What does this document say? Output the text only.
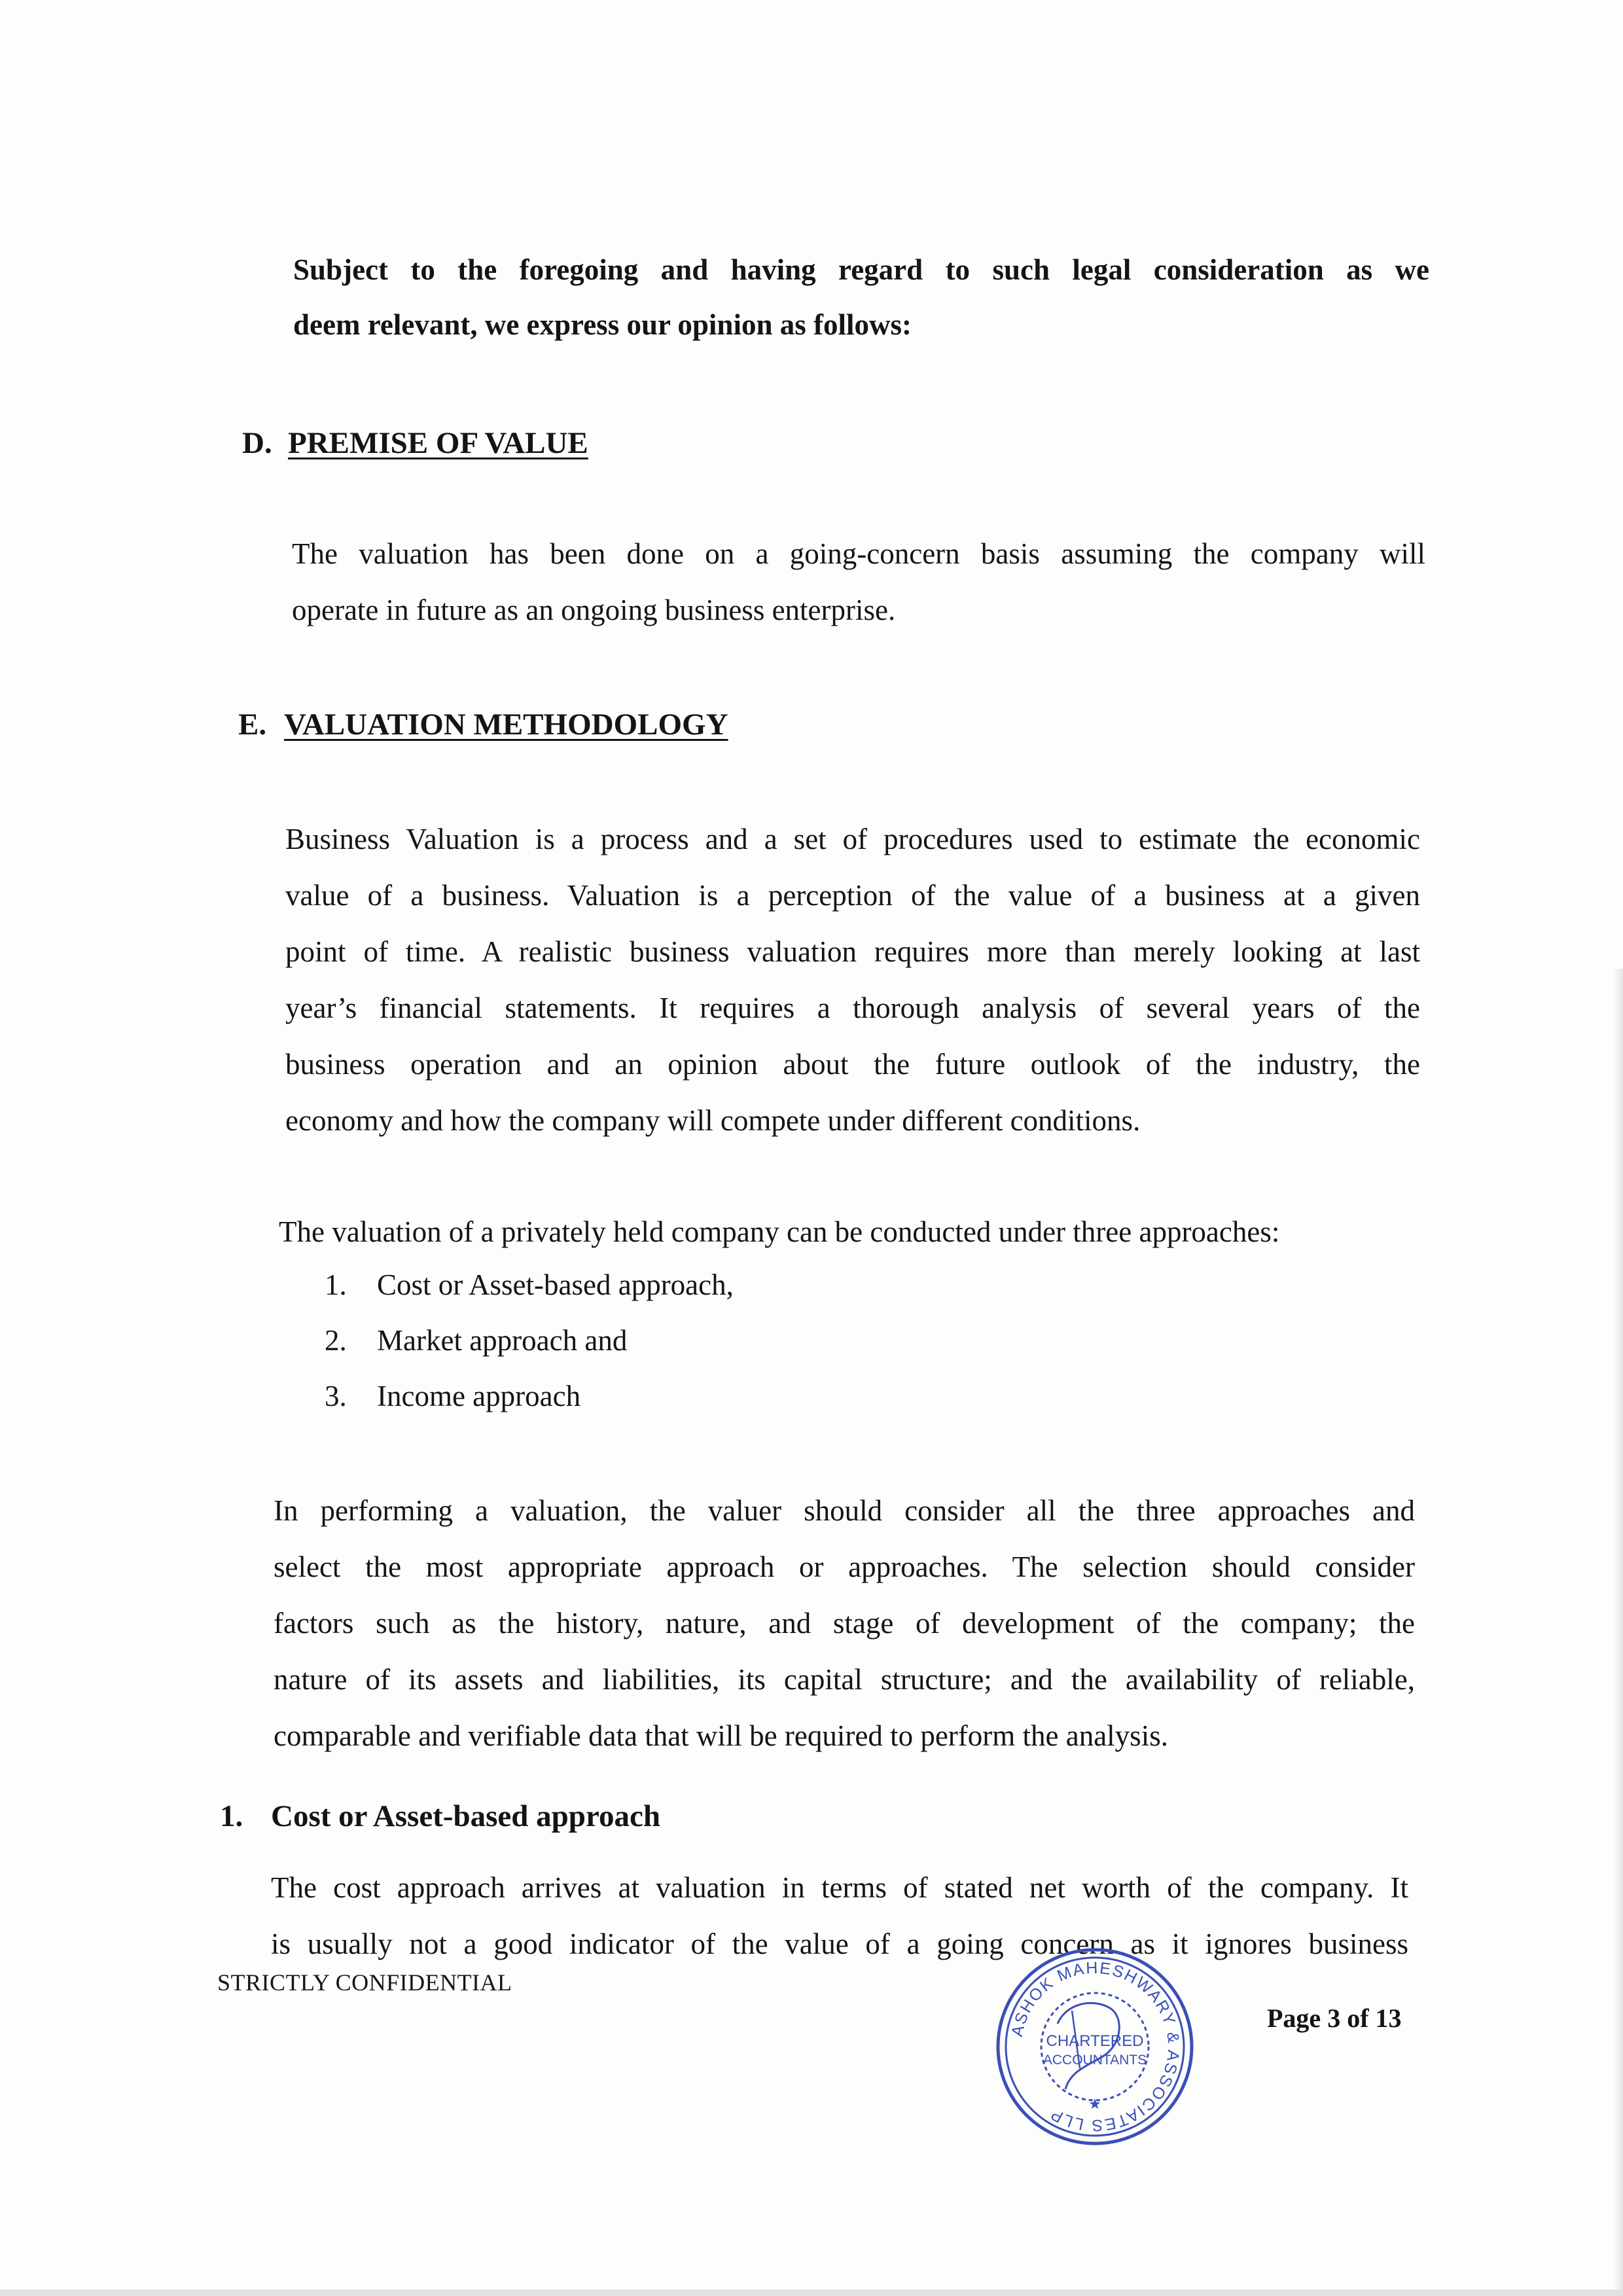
Subject to the foregoing and having regard to such legal consideration as we
deem relevant, we express our opinion as follows:
D. PREMISE OF VALUE
The valuation has been done on a going-concern basis assuming the company will
operate in future as an ongoing business enterprise.
E. VALUATION METHODOLOGY
Business Valuation is a process and a set of procedures used to estimate the economic
value of a business. Valuation is a perception of the value of a business at a given
point of time. A realistic business valuation requires more than merely looking at last
year’s financial statements. It requires a thorough analysis of several years of the
business operation and an opinion about the future outlook of the industry, the
economy and how the company will compete under different conditions.
The valuation of a privately held company can be conducted under three approaches:
1. Cost or Asset-based approach,
2. Market approach and
3. Income approach
In performing a valuation, the valuer should consider all the three approaches and
select the most appropriate approach or approaches. The selection should consider
factors such as the history, nature, and stage of development of the company; the
nature of its assets and liabilities, its capital structure; and the availability of reliable,
comparable and verifiable data that will be required to perform the analysis.
1. Cost or Asset-based approach
The cost approach arrives at valuation in terms of stated net worth of the company. It
is usually not a good indicator of the value of a going concern as it ignores business
STRICTLY CONFIDENTIAL
Page 3 of 13
ASHOK MAHESHWARY & ASSOCIATES LLP
CHARTERED
ACCOUNTANTS
★
